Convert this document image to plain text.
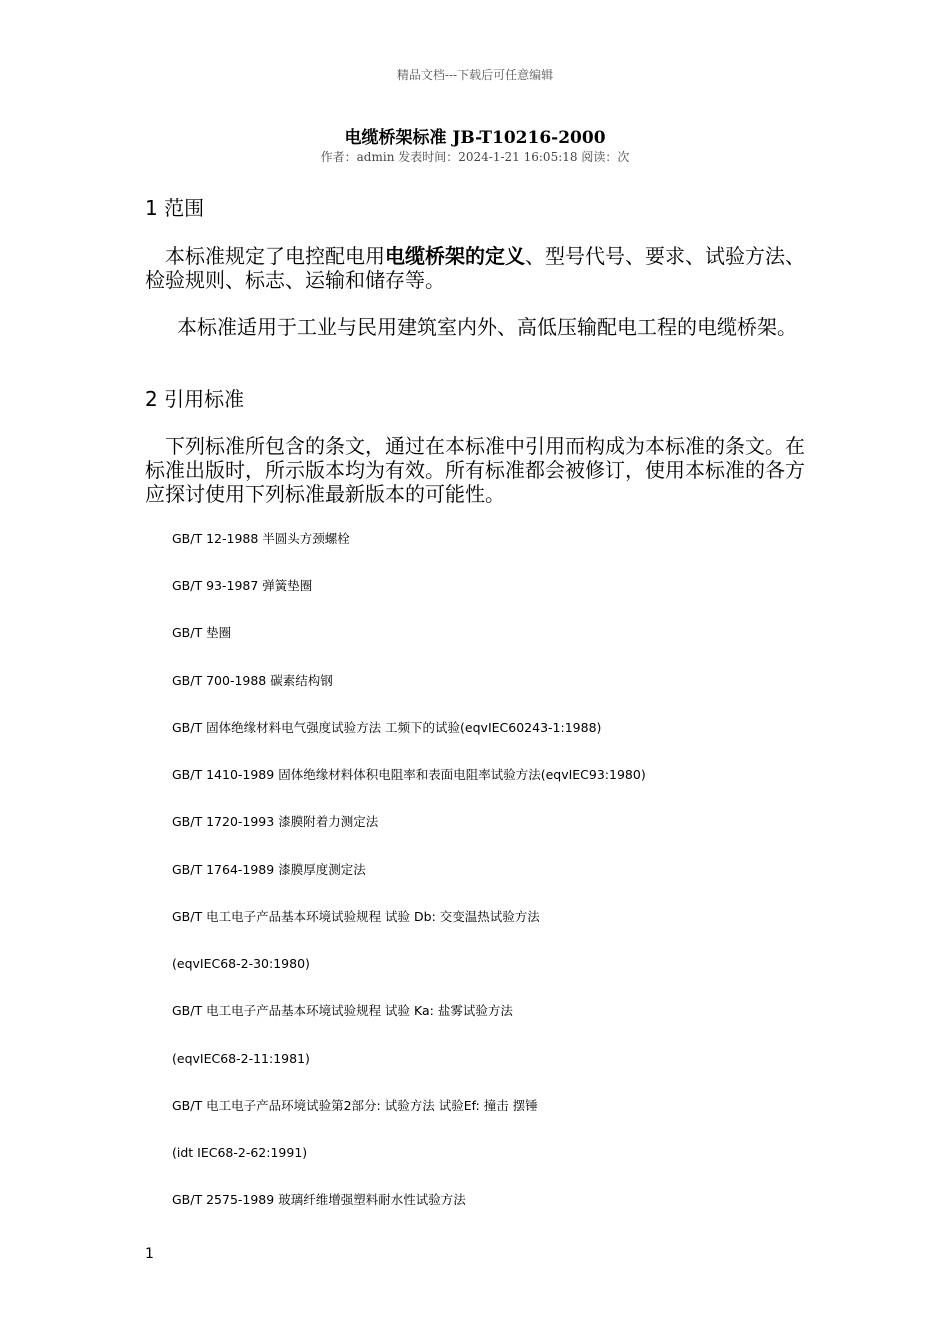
精品文档---下载后可任意编辑
电缆桥架标准 JB-T10216-2000
作者：admin 发表时间：2024-1-21 16:05:18 阅读：次
1 范围
本标准规定了电控配电用电缆桥架的定义、型号代号、要求、试验方法、检验规则、标志、运输和储存等。
本标准适用于工业与民用建筑室内外、高低压输配电工程的电缆桥架。
2 引用标准
下列标准所包含的条文，通过在本标准中引用而构成为本标准的条文。在标准出版时，所示版本均为有效。所有标准都会被修订，使用本标准的各方应探讨使用下列标准最新版本的可能性。
GB/T 12-1988 半圆头方颈螺栓
GB/T 93-1987 弹簧垫圈
GB/T 垫圈
GB/T 700-1988 碳素结构钢
GB/T 固体绝缘材料电气强度试验方法 工频下的试验(eqvIEC60243-1:1988)
GB/T 1410-1989 固体绝缘材料体积电阻率和表面电阻率试验方法(eqvIEC93:1980)
GB/T 1720-1993 漆膜附着力测定法
GB/T 1764-1989 漆膜厚度测定法
GB/T 电工电子产品基本环境试验规程 试验 Db: 交变温热试验方法
(eqvIEC68-2-30:1980)
GB/T 电工电子产品基本环境试验规程 试验 Ka: 盐雾试验方法
(eqvIEC68-2-11:1981)
GB/T 电工电子产品环境试验第2部分: 试验方法 试验Ef: 撞击 摆锤
(idt IEC68-2-62:1991)
GB/T 2575-1989 玻璃纤维增强塑料耐水性试验方法
1
